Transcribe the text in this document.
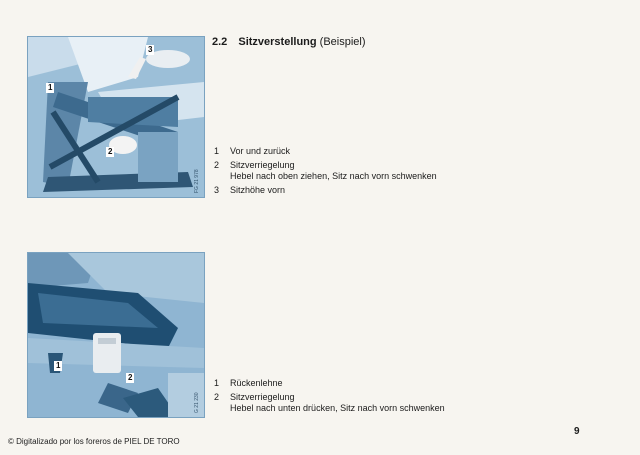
1
2
3
FG 21 978
2.2 Sitzverstellung (Beispiel)
1 Vor und zurück
2 Sitzverriegelung
Hebel nach oben ziehen, Sitz nach vorn schwenken
3 Sitzhöhe vorn
1
2
G 21 230
1 Rückenlehne
2 Sitzverriegelung
Hebel nach unten drücken, Sitz nach vorn schwenken
9
© Digitalizado por los foreros de PIEL DE TORO
